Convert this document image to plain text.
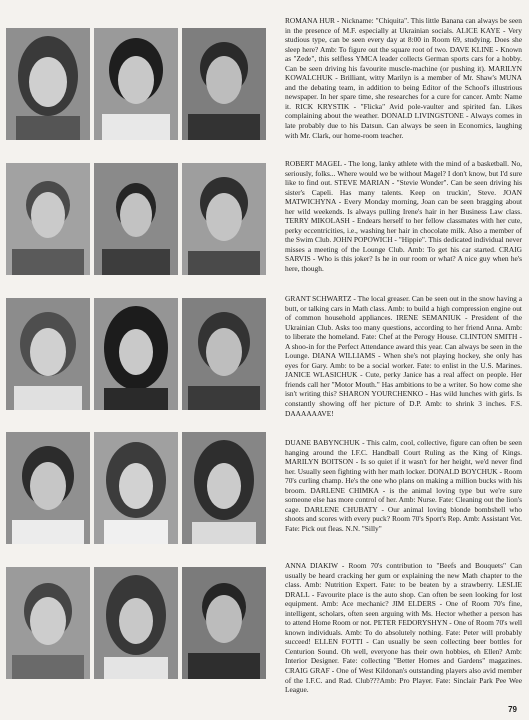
ROMANA HUR - Nickname: "Chiquita". This little Banana can always be seen in the presence of M.F. especially at Ukrainian socials. ALICE KAYE - Very studious type, can be seen every day at 8:00 in Room 69, studying. Does she sleep here? Amb: To figure out the square root of two. DAVE KLINE - Known as "Zede", this selfless YMCA leader collects German sports cars for a hobby. Can be seen driving his favourite muscle-machine (or pushing it). MARILYN KOWALCHUK - Brilliant, witty Marilyn is a member of Mr. Shaw's MUNA and the debating team, in addition to being Editor of the School's illustrious newspaper. In her spare time, she researches for a cure for cancer. Amb: Name it. RICK KRYSTIK - "Flicka" Avid pole-vaulter and spirited fan. Likes complaining about the weather. DONALD LIVINGSTONE - Always comes in late probably due to his Datsun. Can always be seen in Economics, laughing with Mr. Clark, our home-room teacher.

ROBERT MAGEL - The long, lanky athlete with the mind of a basketball. No, seriously, folks... Where would we be without Magel? I don't know, but I'd sure like to find out. STEVE MARIAN - "Stevie Wonder". Can be seen driving his sister's Capeli. Has many talents. Keep on truckin', Steve. JOAN MATWICHYNA - Every Monday morning, Joan can be seen bragging about her wild weekends. Is always pulling Irene's hair in her Business Law class. TERRY MIKOLASH - Endears herself to her fellow classmates with her cute, perky eccentricities, i.e., washing her hair in chocolate milk. Also a member of the Swim Club. JOHN POPOWICH - "Hippie". This dedicated individual never misses a meeting of the Lounge Club. Amb: To get his car started. CRAIG SARVIS - Who is this joker? Is he in our room or what? A nice guy when he's here, though.

GRANT SCHWARTZ - The local greaser. Can be seen out in the snow having a butt, or talking cars in Math class. Amb: to build a high compression engine out of common household appliances. IRENE SEMANIUK - President of the Ukrainian Club. Asks too many questions, according to her friend Anna. Amb: to liberate the homeland. Fate: Chef at the Perogy House. CLINTON SMITH - A shoo-in for the Perfect Attendance award this year. Can always be seen in the Lounge. DIANA WILLIAMS - When she's not playing hockey, she only has eyes for Gary. Amb: to be a social worker. Fate: to enlist in the U.S. Marines. JANICE WLASICHUK - Cute, perky Janice has a real affect on people. Her friends call her "Motor Mouth." Has ambitions to be a writer. So how come she isn't writing this? SHARON YOURCHENKO - Has wild lunches with girls. Is constantly showing off her picture of D.P. Amb: to shrink 3 inches. F.S. DAAAAAAVE!

DUANE BABYNCHUK - This calm, cool, collective, figure can often be seen hanging around the I.F.C. Handball Court Ruling as the King of Kings. MARILYN BOITSON - Is so quiet if it wasn't for her height, we'd never find her. Usually seen fighting with her math locker. DONALD BOYCHUK - Room 70's curling champ. He's the one who plans on making a million bucks with his broom. DARLENE CHIMKA - is the animal loving type but we're sure someone else has more control of her. Amb: Nurse. Fate: Cleaning out the lion's cage. DARLENE CHUBATY - Our animal loving blonde bombshell who shoots and scores with every puck? Room 70's Sport's Rep. Amb: Assistant Vet. Fate: Pick out fleas. N.N. "Silly"

ANNA DIAKIW - Room 70's contribution to "Beefs and Bouquets" Can usually be heard cracking her gum or explaining the new Math chapter to the class. Amb: Nutrition Expert. Fate: to be beaten by a strawberry. LESLIE DRALL - Favourite place is the auto shop. Can often be seen looking for lost equipment. Amb: Ace mechanic? JIM ELDERS - One of Room 70's fine, intelligent, scholars, often seen arguing with Ms. Hector whether a person has to attend Home Room or not. PETER FEDORYSHYN - One of Room 70's well known individuals. Amb: To do absolutely nothing. Fate: Peter will probably succeed! ELLEN FOTTI - Can usually be seen collecting beer bottles for Centurion Sound. Oh well, everyone has their own hobbies, eh Ellen? Amb: Interior Designer. Fate: collecting "Better Homes and Gardens" magazines. CRAIG GRAF - One of West Kildonan's outstanding players also avid member of the I.F.C. and Rad. Club???Amb: Pro Player. Fate: Sinclair Park Pee Wee League.

79
